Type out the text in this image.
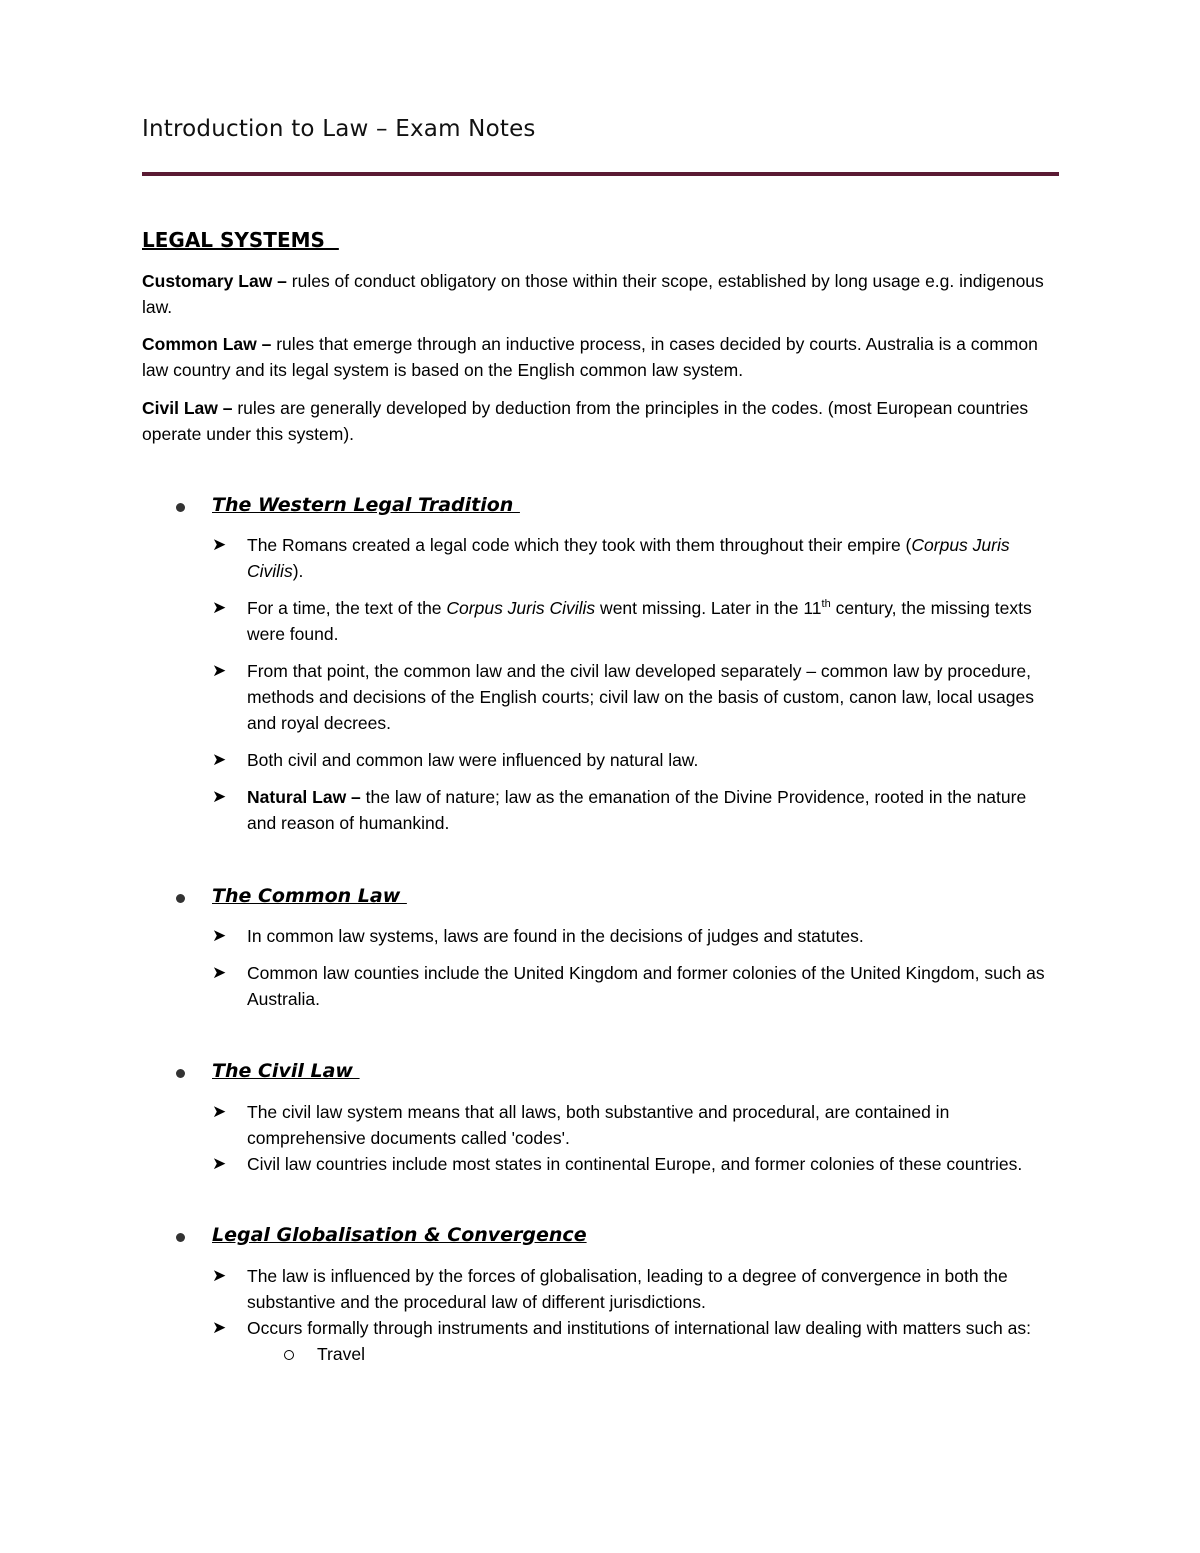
Introduction to Law – Exam Notes
LEGAL SYSTEMS

Customary Law – rules of conduct obligatory on those within their scope, established by long usage e.g. indigenous law.

Common Law – rules that emerge through an inductive process, in cases decided by courts. Australia is a common law country and its legal system is based on the English common law system.

Civil Law – rules are generally developed by deduction from the principles in the codes. (most European countries operate under this system).

The Western Legal Tradition
➤ The Romans created a legal code which they took with them throughout their empire (Corpus Juris Civilis).
➤ For a time, the text of the Corpus Juris Civilis went missing. Later in the 11th century, the missing texts were found.
➤ From that point, the common law and the civil law developed separately – common law by procedure, methods and decisions of the English courts; civil law on the basis of custom, canon law, local usages and royal decrees.
➤ Both civil and common law were influenced by natural law.
➤ Natural Law – the law of nature; law as the emanation of the Divine Providence, rooted in the nature and reason of humankind.
The Common Law
➤ In common law systems, laws are found in the decisions of judges and statutes.
➤ Common law counties include the United Kingdom and former colonies of the United Kingdom, such as Australia.
The Civil Law
➤ The civil law system means that all laws, both substantive and procedural, are contained in comprehensive documents called 'codes'.
➤ Civil law countries include most states in continental Europe, and former colonies of these countries.
Legal Globalisation & Convergence
➤ The law is influenced by the forces of globalisation, leading to a degree of convergence in both the substantive and the procedural law of different jurisdictions.
➤ Occurs formally through instruments and institutions of international law dealing with matters such as:
Travel
